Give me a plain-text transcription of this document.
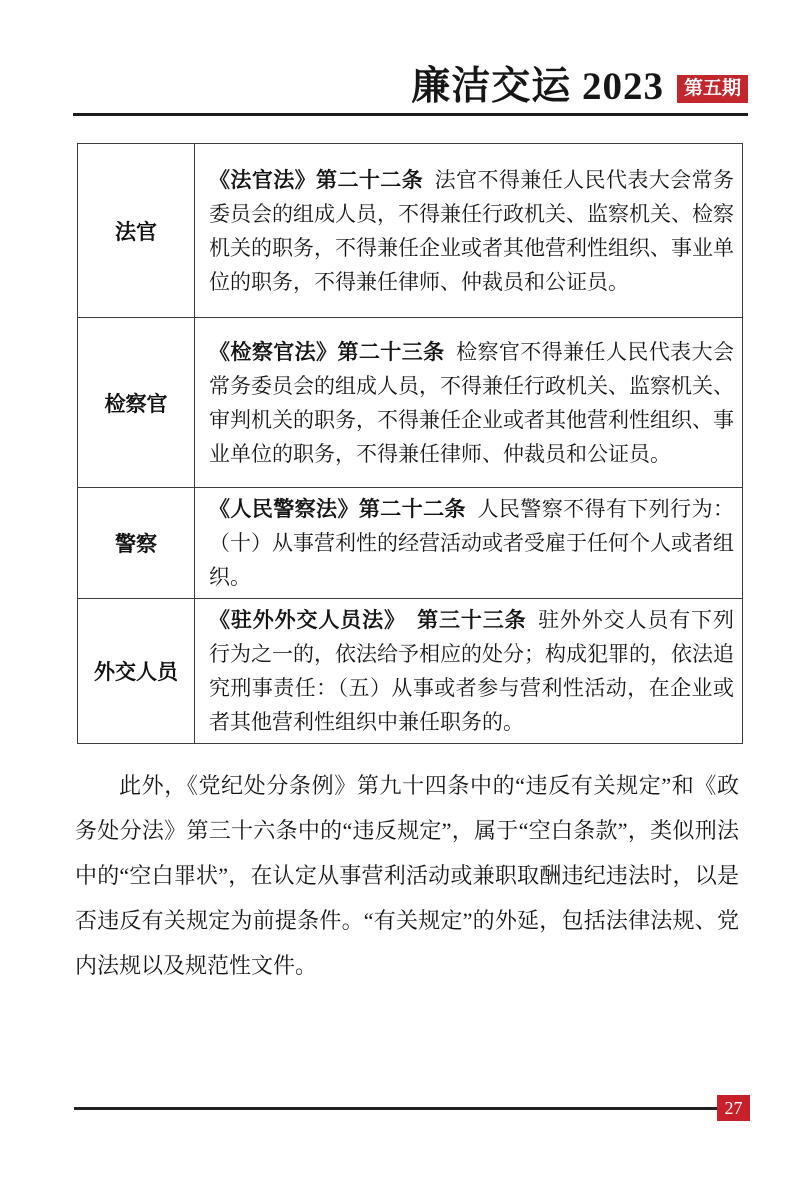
廉洁交运 2023	第五期
法官	《法官法》第二十二条 法官不得兼任人民代表大会常务委员会的组成人员，不得兼任行政机关、监察机关、检察机关的职务，不得兼任企业或者其他营利性组织、事业单位的职务，不得兼任律师、仲裁员和公证员。
检察官	《检察官法》第二十三条 检察官不得兼任人民代表大会常务委员会的组成人员，不得兼任行政机关、监察机关、审判机关的职务，不得兼任企业或者其他营利性组织、事业单位的职务，不得兼任律师、仲裁员和公证员。
警察	《人民警察法》第二十二条 人民警察不得有下列行为：（十）从事营利性的经营活动或者受雇于任何个人或者组织。
外交人员	《驻外外交人员法》　第三十三条 驻外外交人员有下列行为之一的，依法给予相应的处分；构成犯罪的，依法追究刑事责任：（五）从事或者参与营利性活动，在企业或者其他营利性组织中兼任职务的。

此外，《党纪处分条例》第九十四条中的“违反有关规定”和《政务处分法》第三十六条中的“违反规定”，属于“空白条款”，类似刑法中的“空白罪状”，在认定从事营利活动或兼职取酬违纪违法时，以是否违反有关规定为前提条件。“有关规定”的外延，包括法律法规、党内法规以及规范性文件。

27
